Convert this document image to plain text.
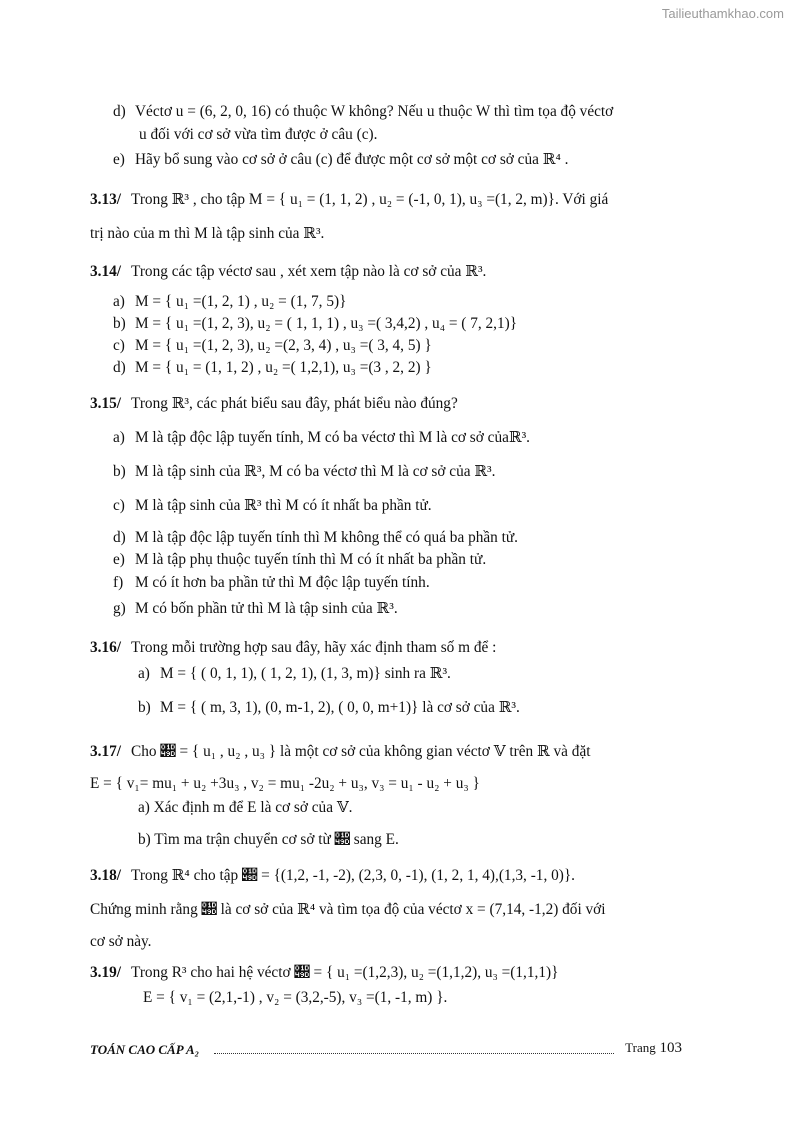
Tailieuthamkhao.com
d) Véctơ u = (6, 2, 0, 16) có thuộc W không? Nếu u thuộc W thì tìm tọa độ véctơ
u đối với cơ sở vừa tìm được ở câu (c).
e) Hãy bổ sung vào cơ sở ở câu (c) để được một cơ sở một cơ sở của ℝ⁴ .
3.13/ Trong ℝ³ , cho tập M = { u₁ = (1, 1, 2) , u₂ = (-1, 0, 1), u₃ =(1, 2, m)}. Với giá
trị nào của m thì M là tập sinh của ℝ³.
3.14/ Trong các tập véctơ sau , xét xem tập nào là cơ sở của ℝ³.
a) M = { u₁ =(1, 2, 1) , u₂ = (1, 7, 5)}
b) M = { u₁ =(1, 2, 3), u₂ = ( 1, 1, 1) , u₃ =( 3,4,2) , u₄ = ( 7, 2,1)}
c) M = { u₁ =(1, 2, 3), u₂ =(2, 3, 4) , u₃ =( 3, 4, 5) }
d) M = { u₁ = (1, 1, 2) , u₂ =( 1,2,1), u₃ =(3 , 2, 2) }
3.15/ Trong ℝ³, các phát biểu sau đây, phát biểu nào đúng?
a) M là tập độc lập tuyến tính, M có ba véctơ thì M là cơ sở củaℝ³.
b) M là tập sinh của ℝ³, M có ba véctơ thì M là cơ sở của ℝ³.
c) M là tập sinh của ℝ³ thì M có ít nhất ba phần tử.
d) M là tập độc lập tuyến tính thì M không thể có quá ba phần tử.
e) M là tập phụ thuộc tuyến tính thì M có ít nhất ba phần tử.
f) M có ít hơn ba phần tử thì M độc lập tuyến tính.
g) M có bốn phần tử thì M là tập sinh của ℝ³.
3.16/ Trong mỗi trường hợp sau đây, hãy xác định tham số m để :
a) M = { ( 0, 1, 1), ( 1, 2, 1), (1, 3, m)} sinh ra ℝ³.
b) M = { ( m, 3, 1), (0, m-1, 2), ( 0, 0, m+1)} là cơ sở của ℝ³.
3.17/ Cho 𝒝 = { u₁ , u₂ , u₃ } là một cơ sở của không gian véctơ 𝕍 trên ℝ và đặt
E = { v₁= mu₁ + u₂ +3u₃ , v₂ = mu₁ -2u₂ + u₃, v₃ = u₁ - u₂ + u₃ }
a) Xác định m để E là cơ sở của 𝕍.
b) Tìm ma trận chuyển cơ sở từ 𝒝 sang E.
3.18/ Trong ℝ⁴ cho tập 𝒝 = {(1,2, -1, -2), (2,3, 0, -1), (1, 2, 1, 4),(1,3, -1, 0)}.
Chứng minh rằng 𝒝 là cơ sở của ℝ⁴ và tìm tọa độ của véctơ x = (7,14, -1,2) đối với
cơ sở này.
3.19/ Trong R³ cho hai hệ véctơ 𝒝 = { u₁ =(1,2,3), u₂ =(1,1,2), u₃ =(1,1,1)}
E = { v₁ = (2,1,-1) , v₂ = (3,2,-5), v₃ =(1, -1, m) }.
TOÁN CAO CẤP A₂	Trang 103
